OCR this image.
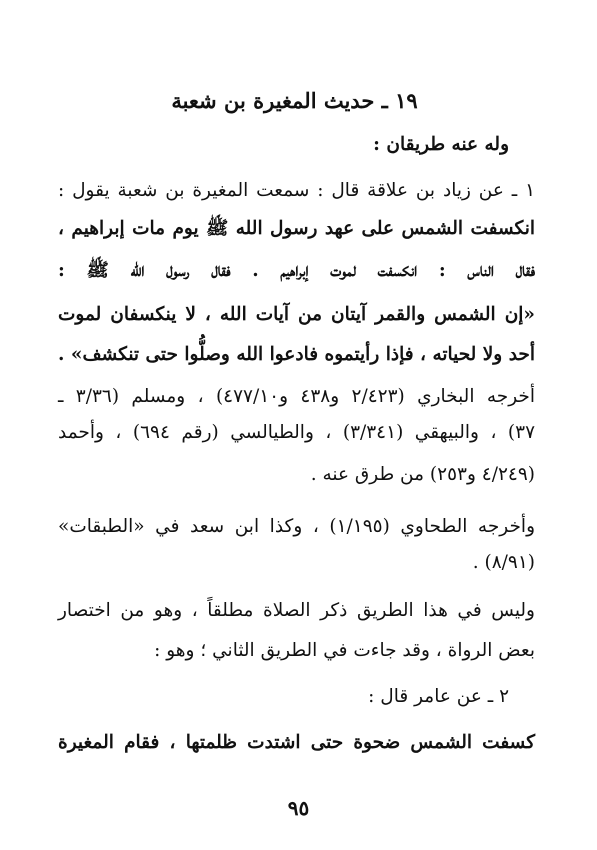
١٩ ـ حديث المغيرة بن شعبة
وله عنه طريقان :
١ ـ عن زياد بن علاقة قال : سمعت المغيرة بن شعبة يقول :
انكسفت الشمس على عهد رسول الله ﷺ يوم مات إبراهيم ،
فقال الناس : انكسفت لموت إبراهيم . فقال رسول الله ﷺ :
«إن الشمس والقمر آيتان من آيات الله ، لا ينكسفان لموت
أحد ولا لحياته ، فإذا رأيتموه فادعوا الله وصلُّوا حتى تنكشف» .
أخرجه البخاري (٢/٤٢٣ و٤٣٨ و٤٧٧/١٠) ، ومسلم (٣/٣٦ ـ
٣٧) ، والبيهقي (٣/٣٤١) ، والطيالسي (رقم ٦٩٤) ، وأحمد
(٤/٢٤٩ و٢٥٣) من طرق عنه .
وأخرجه الطحاوي (١/١٩٥) ، وكذا ابن سعد في «الطبقات»
(٨/٩١) .
وليس في هذا الطريق ذكر الصلاة مطلقاً ، وهو من اختصار
بعض الرواة ، وقد جاءت في الطريق الثاني ؛ وهو :
٢ ـ عن عامر قال :
كسفت الشمس ضحوة حتى اشتدت ظلمتها ، فقام المغيرة
٩٥
